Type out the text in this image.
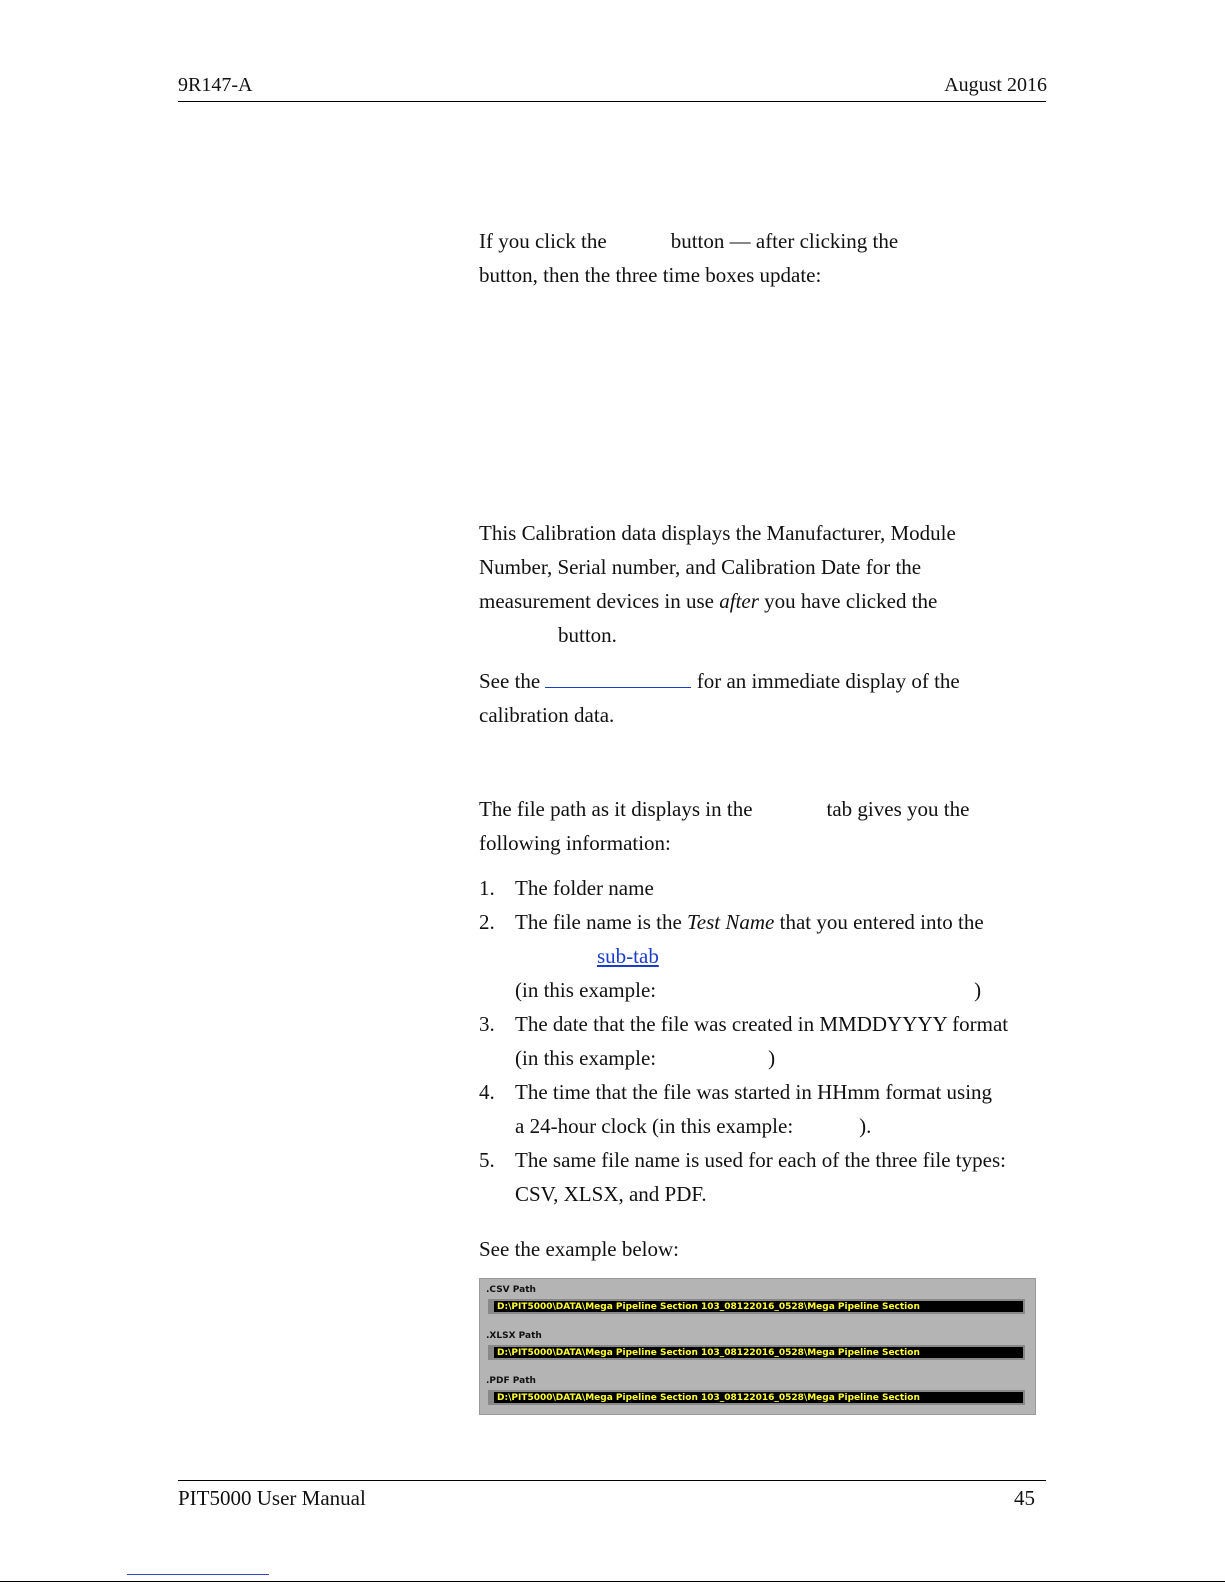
9R147-A	August 2016
If you click the	button — after clicking the
button, then the three time boxes update:
This Calibration data displays the Manufacturer, Module
Number, Serial number, and Calibration Date for the
measurement devices in use after you have clicked the
button.
See the	for an immediate display of the
calibration data.
The file path as it displays in the	tab gives you the
following information:
1. The folder name
2. The file name is the Test Name that you entered into the
sub-tab
(in this example:	)
3. The date that the file was created in MMDDYYYY format
(in this example:	)
4. The time that the file was started in HHmm format using
a 24-hour clock (in this example:	).
5. The same file name is used for each of the three file types:
CSV, XLSX, and PDF.
See the example below:
.CSV Path
D:\PIT5000\DATA\Mega Pipeline Section 103_08122016_0528\Mega Pipeline Section
.XLSX Path
D:\PIT5000\DATA\Mega Pipeline Section 103_08122016_0528\Mega Pipeline Section
.PDF Path
D:\PIT5000\DATA\Mega Pipeline Section 103_08122016_0528\Mega Pipeline Section
PIT5000 User Manual	45
